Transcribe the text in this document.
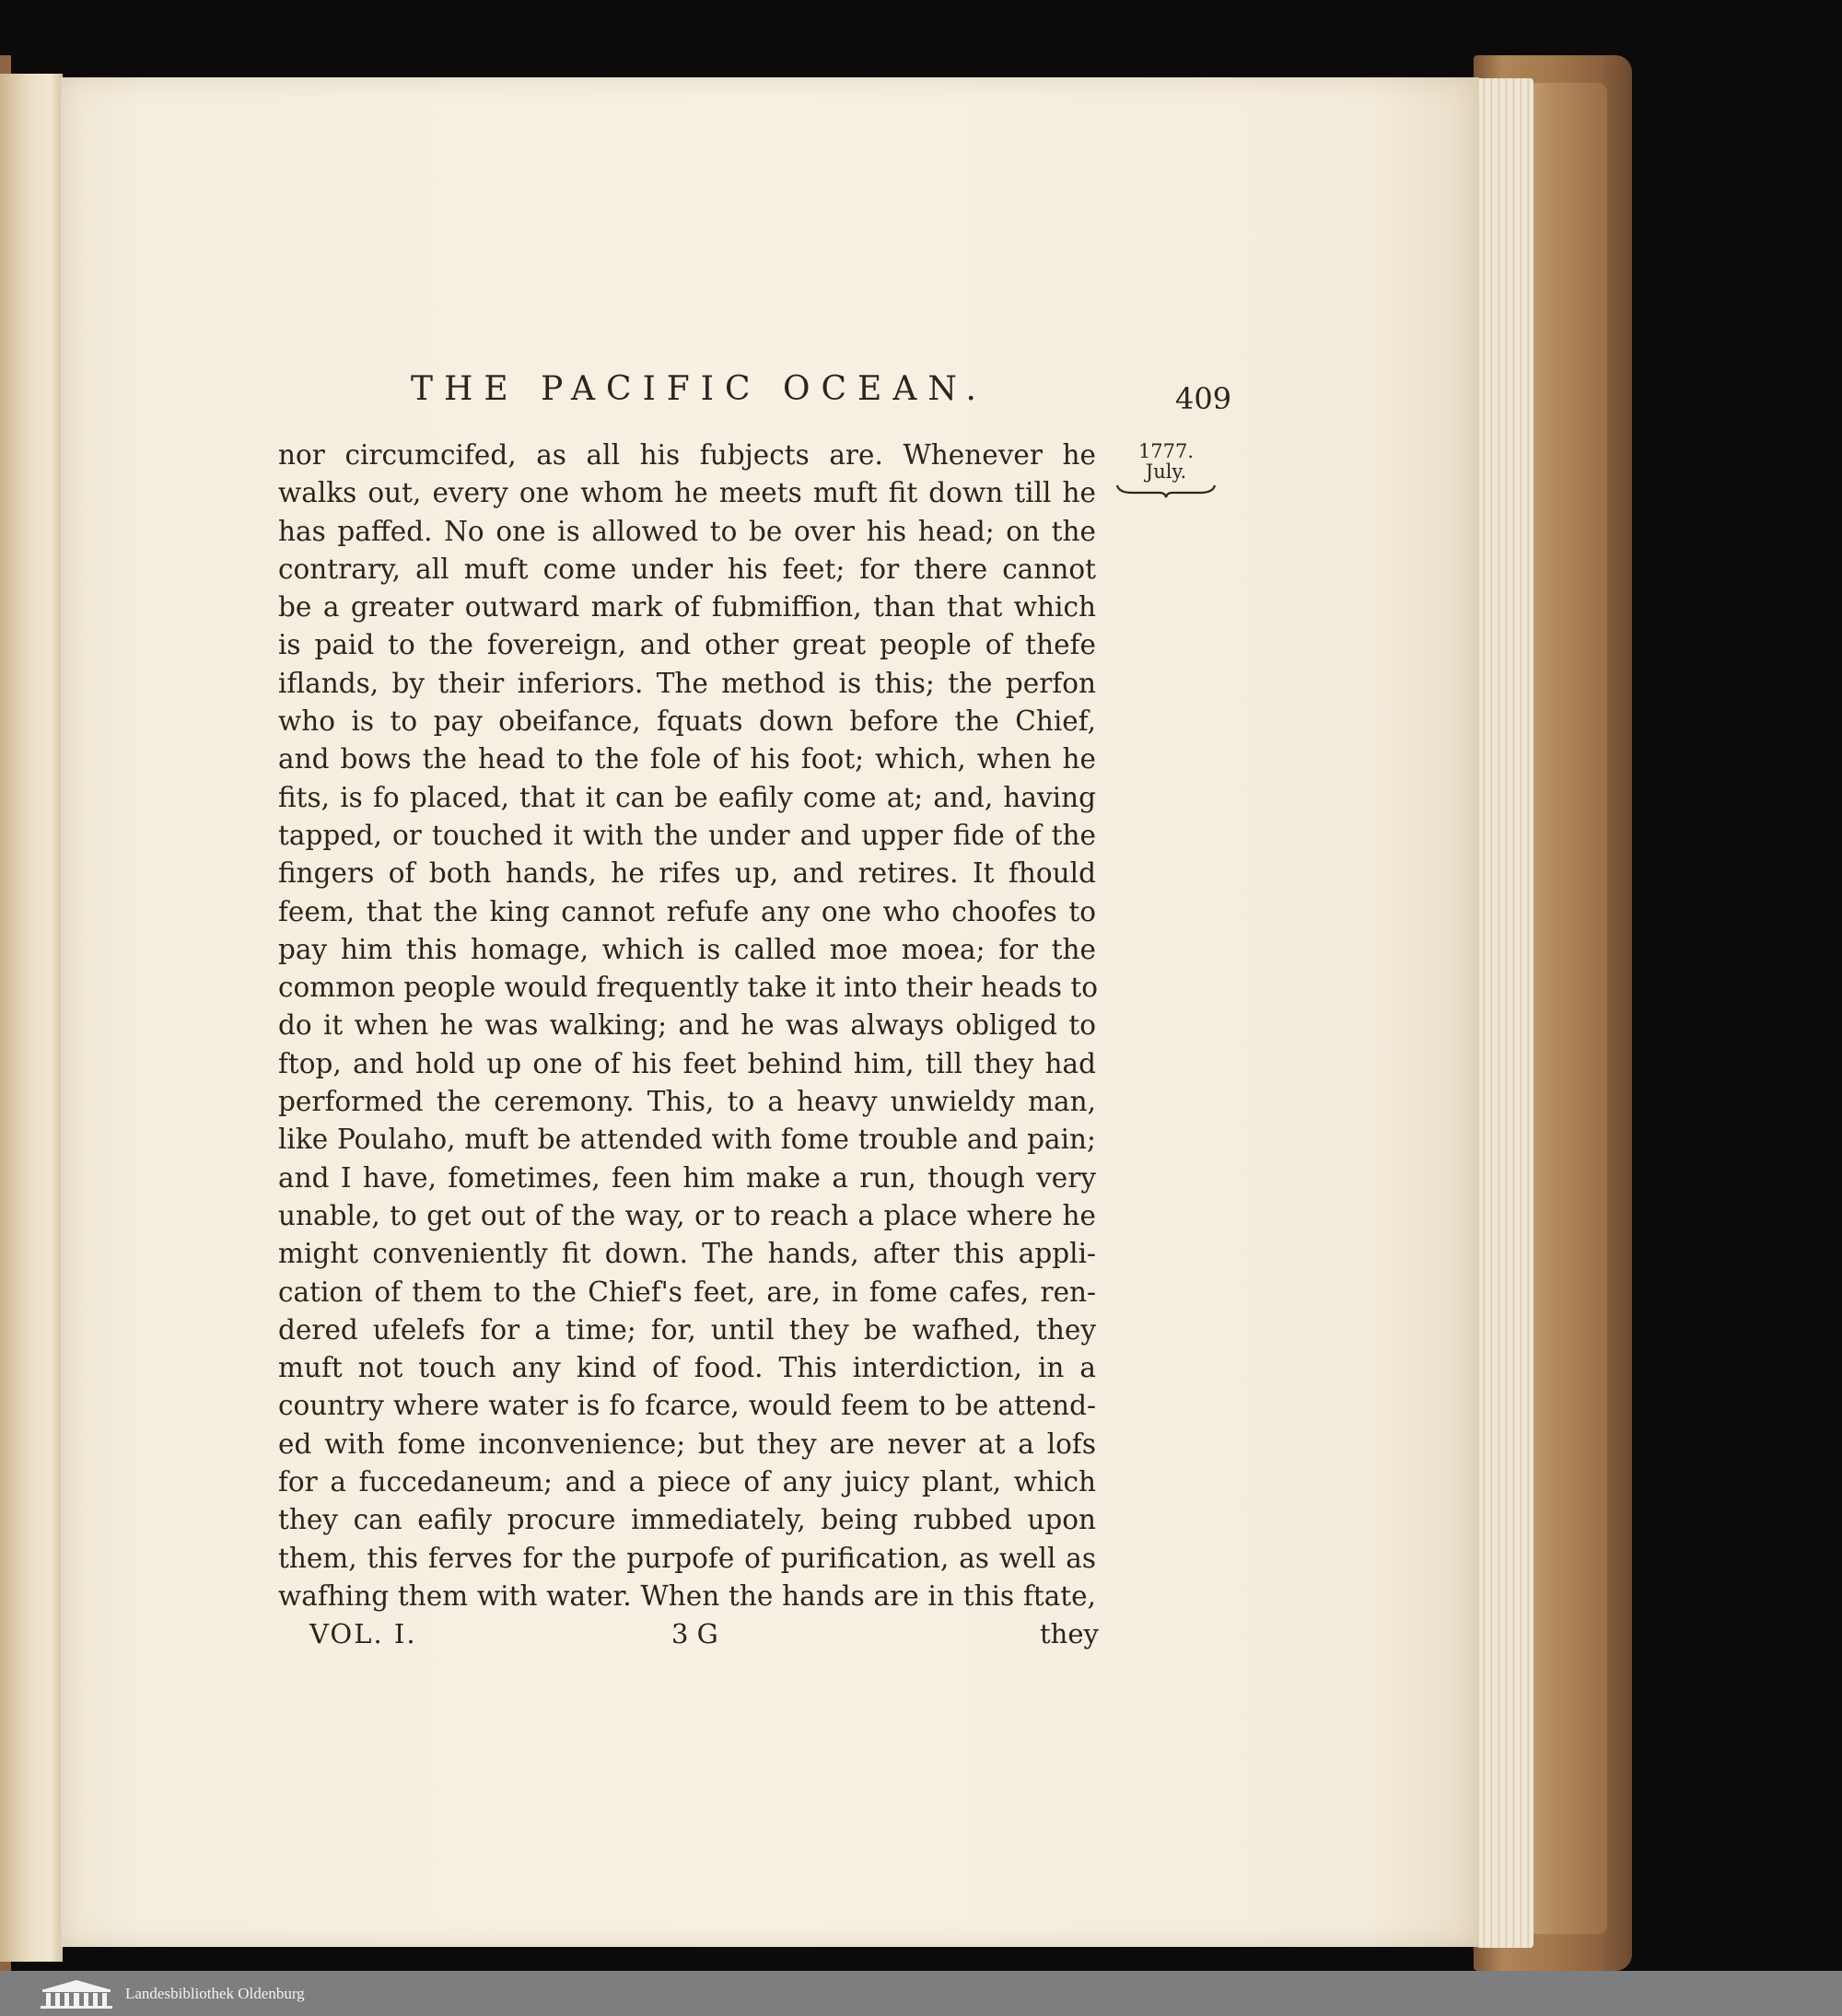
THE PACIFIC OCEAN.	409
1777.
July.
nor circumcifed, as all his fubjects are. Whenever he
walks out, every one whom he meets muft fit down till he
has paffed. No one is allowed to be over his head; on the
contrary, all muft come under his feet; for there cannot
be a greater outward mark of fubmiffion, than that which
is paid to the fovereign, and other great people of thefe
iflands, by their inferiors. The method is this; the perfon
who is to pay obeifance, fquats down before the Chief,
and bows the head to the fole of his foot; which, when he
fits, is fo placed, that it can be eafily come at; and, having
tapped, or touched it with the under and upper fide of the
fingers of both hands, he rifes up, and retires. It fhould
feem, that the king cannot refufe any one who choofes to
pay him this homage, which is called moe moea; for the
common people would frequently take it into their heads to
do it when he was walking; and he was always obliged to
ftop, and hold up one of his feet behind him, till they had
performed the ceremony. This, to a heavy unwieldy man,
like Poulaho, muft be attended with fome trouble and pain;
and I have, fometimes, feen him make a run, though very
unable, to get out of the way, or to reach a place where he
might conveniently fit down. The hands, after this appli-
cation of them to the Chief's feet, are, in fome cafes, ren-
dered ufelefs for a time; for, until they be wafhed, they
muft not touch any kind of food. This interdiction, in a
country where water is fo fcarce, would feem to be attend-
ed with fome inconvenience; but they are never at a lofs
for a fuccedaneum; and a piece of any juicy plant, which
they can eafily procure immediately, being rubbed upon
them, this ferves for the purpofe of purification, as well as
wafhing them with water. When the hands are in this ftate,
VOL. I.	3 G	they
Landesbibliothek Oldenburg
